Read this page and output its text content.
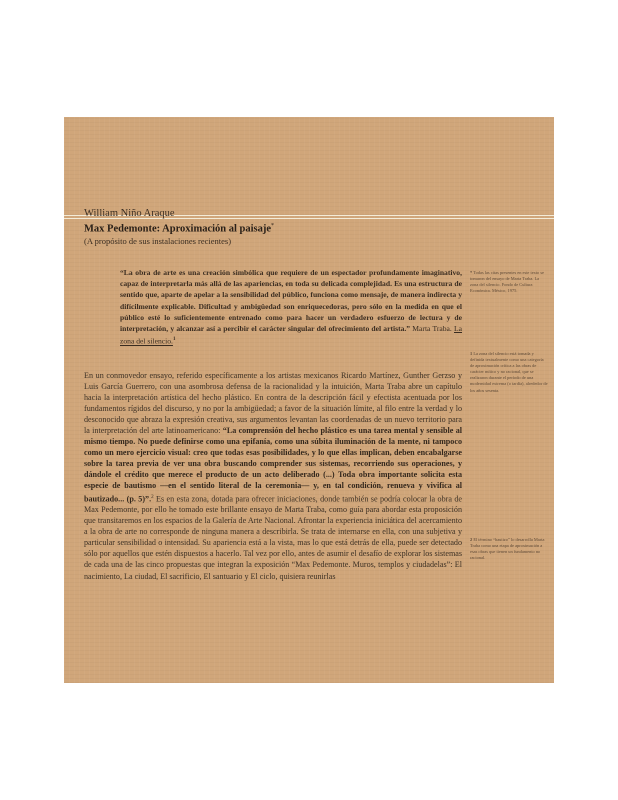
William Niño Araque
Max Pedemonte: Aproximación al paisaje*
(A propósito de sus instalaciones recientes)
“La obra de arte es una creación simbólica que requiere de un espectador profundamente imaginativo, capaz de interpretarla más allá de las apariencias, en toda su delicada complejidad. Es una estructura de sentido que, aparte de apelar a la sensibilidad del público, funciona como mensaje, de manera indirecta y difícilmente explicable. Dificultad y ambigüedad son enriquecedoras, pero sólo en la medida en que el público esté lo suficientemente entrenado como para hacer un verdadero esfuerzo de lectura y de interpretación, y alcanzar así a percibir el carácter singular del ofrecimiento del artista.” Marta Traba. La zona del silencio.$^1$
* Todas las citas presentes en este texto se tomaron del ensayo de Marta Traba. La zona del silencio. Fondo de Cultura Económica. México, 1975.
1 La zona del silencio está tomada y definida textualmente como una categoría de aproximación crítica a las obras de carácter mítico y no racional, que se realizaron durante el período de una modernidad extrema (o tardía), alrededor de los años sesenta.
2 El término “bautizo” lo desarrolla Marta Traba como una etapa de aproximación a esas obras que tienen un fundamento no racional.

En un conmovedor ensayo, referido específicamente a los artistas mexicanos Ricardo Martínez, Gunther Gerzso y Luis García Guerrero, con una asombrosa defensa de la racionalidad y la intuición, Marta Traba abre un capítulo hacia la interpretación artística del hecho plástico. En contra de la descripción fácil y efectista acentuada por los fundamentos rígidos del discurso, y no por la ambigüedad; a favor de la situación límite, al filo entre la verdad y lo desconocido que abraza la expresión creativa, sus argumentos levantan las coordenadas de un nuevo territorio para la interpretación del arte latinoamericano: “La comprensión del hecho plástico es una tarea mental y sensible al mismo tiempo. No puede definirse como una epifanía, como una súbita iluminación de la mente, ni tampoco como un mero ejercicio visual: creo que todas esas posibilidades, y lo que ellas implican, deben encabalgarse sobre la tarea previa de ver una obra buscando comprender sus sistemas, recorriendo sus operaciones, y dándole el crédito que merece el producto de un acto deliberado (...) Toda obra importante solicita esta especie de bautismo —en el sentido literal de la ceremonia— y, en tal condición, renueva y vivifica al bautizado... (p. 5)”.$^2$ Es en esta zona, dotada para ofrecer iniciaciones, donde también se podría colocar la obra de Max Pedemonte, por ello he tomado este brillante ensayo de Marta Traba, como guía para abordar esta proposición que transitaremos en los espacios de la Galería de Arte Nacional. Afrontar la experiencia iniciática del acercamiento a la obra de arte no corresponde de ninguna manera a describirla. Se trata de internarse en ella, con una subjetiva y particular sensibilidad o intensidad. Su apariencia está a la vista, mas lo que está detrás de ella, puede ser detectado sólo por aquellos que estén dispuestos a hacerlo. Tal vez por ello, antes de asumir el desafío de explorar los sistemas de cada una de las cinco propuestas que integran la exposición “Max Pedemonte. Muros, templos y ciudadelas”: El nacimiento, La ciudad, El sacrificio, El santuario y El ciclo, quisiera reunirlas
